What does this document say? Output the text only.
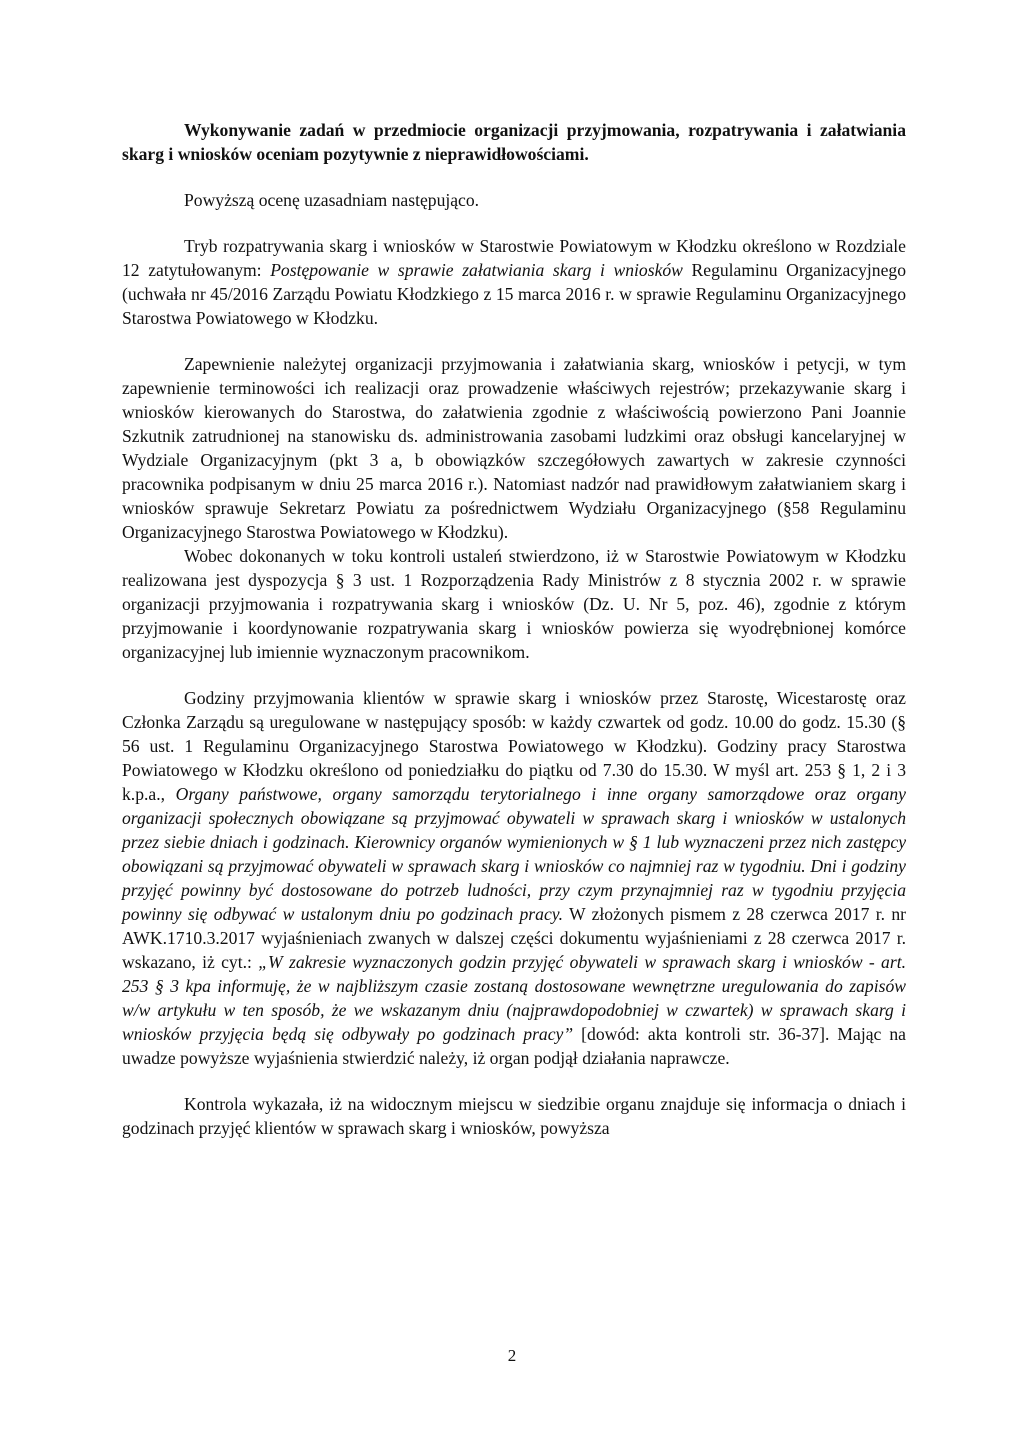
Wykonywanie zadań w przedmiocie organizacji przyjmowania, rozpatrywania i załatwiania skarg i wniosków oceniam pozytywnie z nieprawidłowościami.

Powyższą ocenę uzasadniam następująco.

Tryb rozpatrywania skarg i wniosków w Starostwie Powiatowym w Kłodzku określono w Rozdziale 12 zatytułowanym: Postępowanie w sprawie załatwiania skarg i wniosków Regulaminu Organizacyjnego (uchwała nr 45/2016 Zarządu Powiatu Kłodzkiego z 15 marca 2016 r. w sprawie Regulaminu Organizacyjnego Starostwa Powiatowego w Kłodzku.

Zapewnienie należytej organizacji przyjmowania i załatwiania skarg, wniosków i petycji, w tym zapewnienie terminowości ich realizacji oraz prowadzenie właściwych rejestrów; przekazywanie skarg i wniosków kierowanych do Starostwa, do załatwienia zgodnie z właściwością powierzono Pani Joannie Szkutnik zatrudnionej na stanowisku ds. administrowania zasobami ludzkimi oraz obsługi kancelaryjnej w Wydziale Organizacyjnym (pkt 3 a, b obowiązków szczegółowych zawartych w zakresie czynności pracownika podpisanym w dniu 25 marca 2016 r.). Natomiast nadzór nad prawidłowym załatwianiem skarg i wniosków sprawuje Sekretarz Powiatu za pośrednictwem Wydziału Organizacyjnego (§58 Regulaminu Organizacyjnego Starostwa Powiatowego w Kłodzku).

Wobec dokonanych w toku kontroli ustaleń stwierdzono, iż w Starostwie Powiatowym w Kłodzku realizowana jest dyspozycja § 3 ust. 1 Rozporządzenia Rady Ministrów z 8 stycznia 2002 r. w sprawie organizacji przyjmowania i rozpatrywania skarg i wniosków (Dz. U. Nr 5, poz. 46), zgodnie z którym przyjmowanie i koordynowanie rozpatrywania skarg i wniosków powierza się wyodrębnionej komórce organizacyjnej lub imiennie wyznaczonym pracownikom.

Godziny przyjmowania klientów w sprawie skarg i wniosków przez Starostę, Wicestarostę oraz Członka Zarządu są uregulowane w następujący sposób: w każdy czwartek od godz. 10.00 do godz. 15.30 (§ 56 ust. 1 Regulaminu Organizacyjnego Starostwa Powiatowego w Kłodzku). Godziny pracy Starostwa Powiatowego w Kłodzku określono od poniedziałku do piątku od 7.30 do 15.30. W myśl art. 253 § 1, 2 i 3 k.p.a., Organy państwowe, organy samorządu terytorialnego i inne organy samorządowe oraz organy organizacji społecznych obowiązane są przyjmować obywateli w sprawach skarg i wniosków w ustalonych przez siebie dniach i godzinach. Kierownicy organów wymienionych w § 1 lub wyznaczeni przez nich zastępcy obowiązani są przyjmować obywateli w sprawach skarg i wniosków co najmniej raz w tygodniu. Dni i godziny przyjęć powinny być dostosowane do potrzeb ludności, przy czym przynajmniej raz w tygodniu przyjęcia powinny się odbywać w ustalonym dniu po godzinach pracy. W złożonych pismem z 28 czerwca 2017 r. nr AWK.1710.3.2017 wyjaśnieniach zwanych w dalszej części dokumentu wyjaśnieniami z 28 czerwca 2017 r. wskazano, iż cyt.: „W zakresie wyznaczonych godzin przyjęć obywateli w sprawach skarg i wniosków - art. 253 § 3 kpa informuję, że w najbliższym czasie zostaną dostosowane wewnętrzne uregulowania do zapisów w/w artykułu w ten sposób, że we wskazanym dniu (najprawdopodobniej w czwartek) w sprawach skarg i wniosków przyjęcia będą się odbywały po godzinach pracy” [dowód: akta kontroli str. 36-37]. Mając na uwadze powyższe wyjaśnienia stwierdzić należy, iż organ podjął działania naprawcze.

Kontrola wykazała, iż na widocznym miejscu w siedzibie organu znajduje się informacja o dniach i godzinach przyjęć klientów w sprawach skarg i wniosków, powyższa

2
